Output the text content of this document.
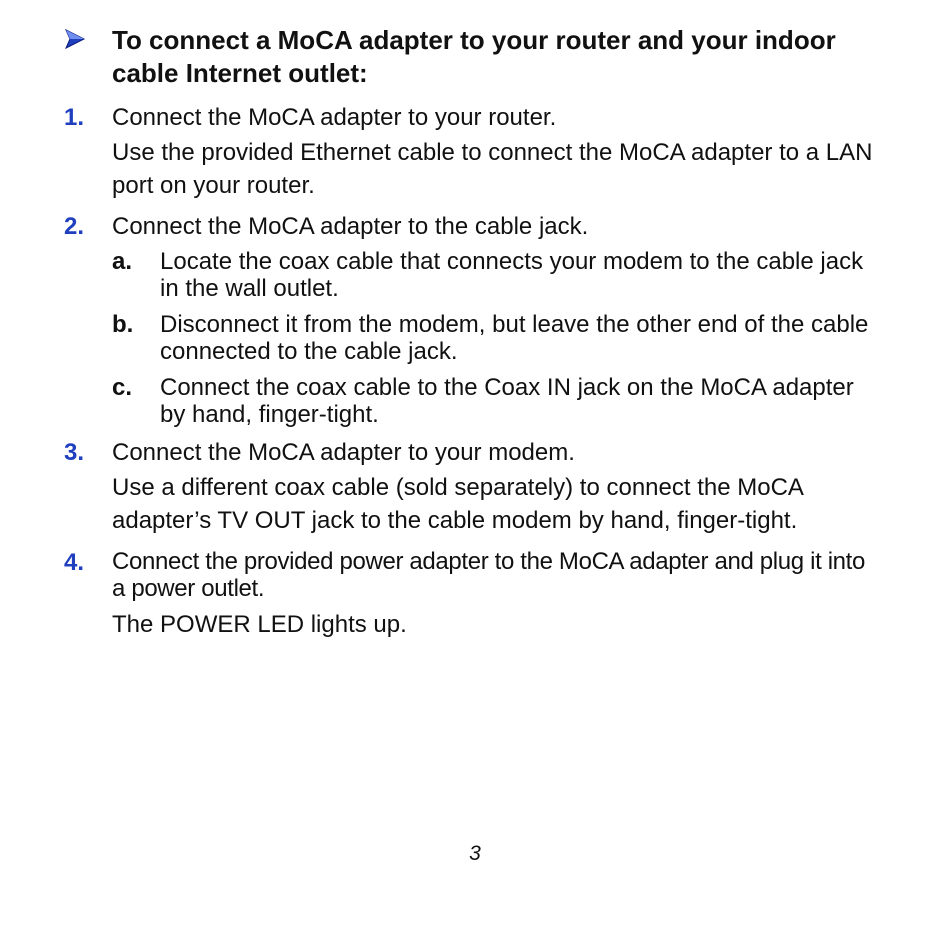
To connect a MoCA adapter to your router and your indoor cable Internet outlet:
1.	Connect the MoCA adapter to your router.

Use the provided Ethernet cable to connect the MoCA adapter to a LAN port on your router.

2.	Connect the MoCA adapter to the cable jack.

a.	Locate the coax cable that connects your modem to the cable jack in the wall outlet.
b.	Disconnect it from the modem, but leave the other end of the cable connected to the cable jack.
c.	Connect the coax cable to the Coax IN jack on the MoCA adapter by hand, finger-tight.
3.	Connect the MoCA adapter to your modem.

Use a different coax cable (sold separately) to connect the MoCA adapter’s TV OUT jack to the cable modem by hand, finger-tight.

4.	Connect the provided power adapter to the MoCA adapter and plug it into a power outlet.

The POWER LED lights up.

3
